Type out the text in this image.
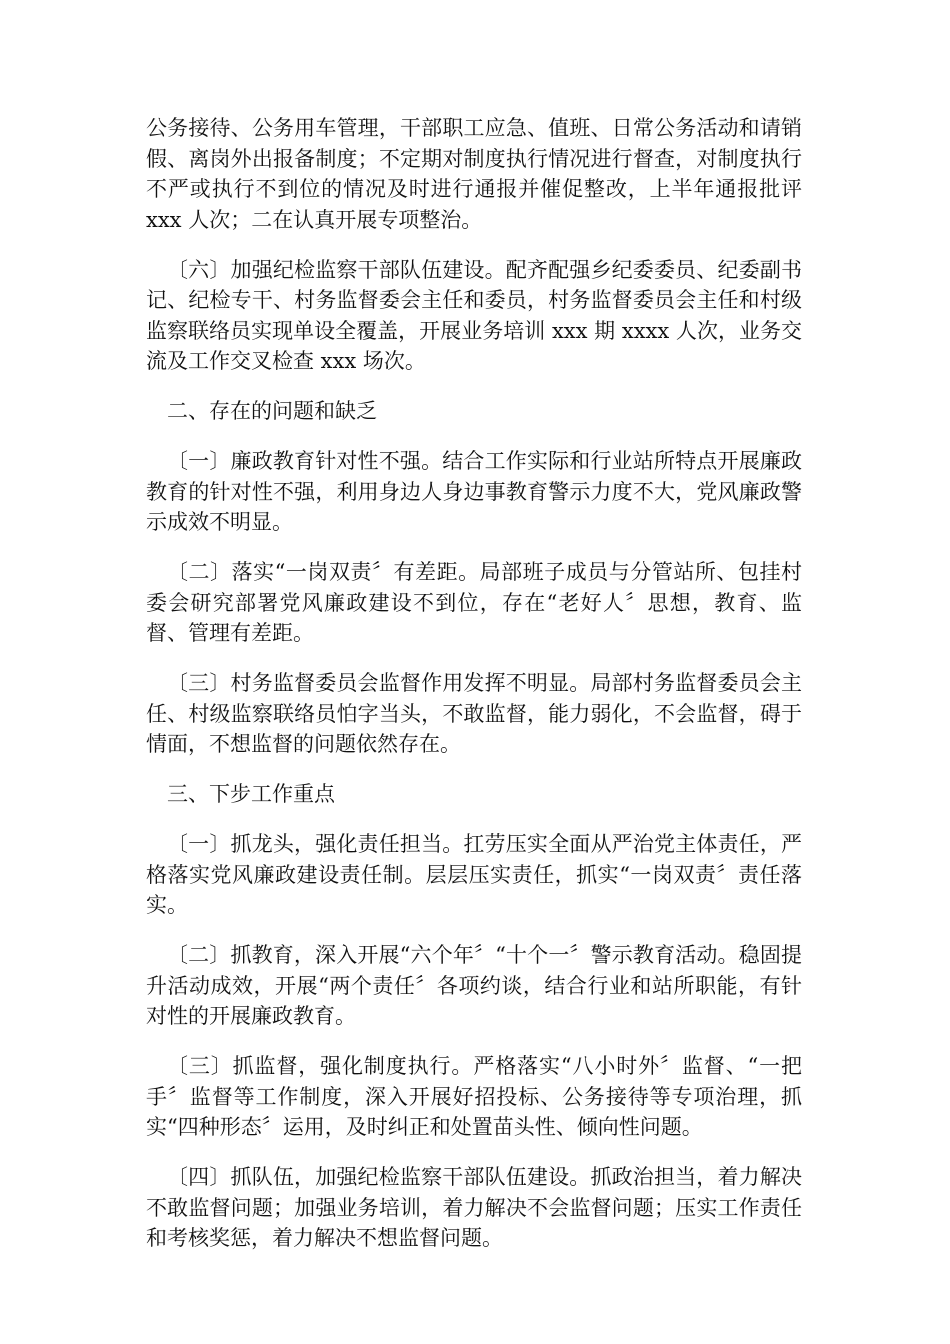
公务接待、公务用车管理，干部职工应急、值班、日常公务活动和请销假、离岗外出报备制度；不定期对制度执行情况进行督查，对制度执行不严或执行不到位的情况及时进行通报并催促整改，上半年通报批评 xxx 人次；二在认真开展专项整治。

〔六〕加强纪检监察干部队伍建设。配齐配强乡纪委委员、纪委副书记、纪检专干、村务监督委会主任和委员，村务监督委员会主任和村级监察联络员实现单设全覆盖，开展业务培训 xxx 期 xxxx 人次，业务交流及工作交叉检查 xxx 场次。

二、存在的问题和缺乏

〔一〕廉政教育针对性不强。结合工作实际和行业站所特点开展廉政教育的针对性不强，利用身边人身边事教育警示力度不大，党风廉政警示成效不明显。

〔二〕落实“一岗双责〞有差距。局部班子成员与分管站所、包挂村委会研究部署党风廉政建设不到位，存在“老好人〞思想，教育、监督、管理有差距。

〔三〕村务监督委员会监督作用发挥不明显。局部村务监督委员会主任、村级监察联络员怕字当头，不敢监督，能力弱化，不会监督，碍于情面，不想监督的问题依然存在。

三、下步工作重点

〔一〕抓龙头，强化责任担当。扛劳压实全面从严治党主体责任，严格落实党风廉政建设责任制。层层压实责任，抓实“一岗双责〞责任落实。

〔二〕抓教育，深入开展“六个年〞“十个一〞警示教育活动。稳固提升活动成效，开展“两个责任〞各项约谈，结合行业和站所职能，有针对性的开展廉政教育。

〔三〕抓监督，强化制度执行。严格落实“八小时外〞监督、“一把手〞监督等工作制度，深入开展好招投标、公务接待等专项治理，抓实“四种形态〞运用，及时纠正和处置苗头性、倾向性问题。

〔四〕抓队伍，加强纪检监察干部队伍建设。抓政治担当，着力解决不敢监督问题；加强业务培训，着力解决不会监督问题；压实工作责任和考核奖惩，着力解决不想监督问题。
